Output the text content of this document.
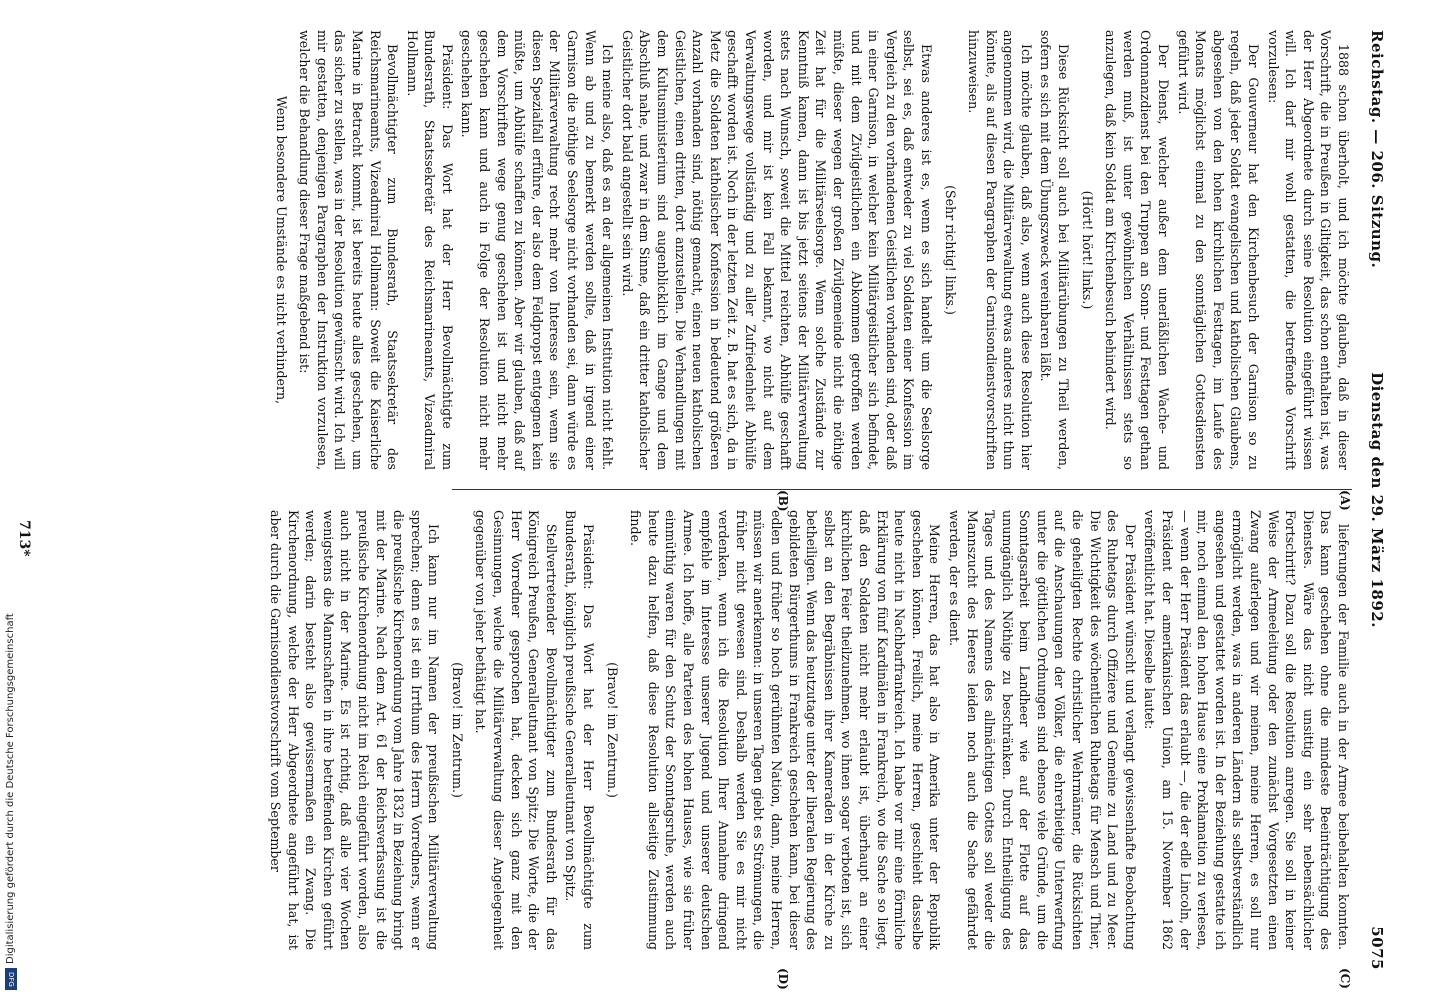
Reichstag. — 206. Sitzung.
Dienstag den 29. März 1892.
5075
(A)
(B)
(C)
(D)

lieferungen der Familie auch in der Armee beibehalten konnten. Das kann geschehen ohne die mindeste Beeinträchtigung des Dienstes. Wäre das nicht unsittig ein sehr nebensächlicher Fortschritt? Dazu soll die Resolution anregen. Sie soll in keiner Weise der Armeeleitung oder den zunächst Vorgesetzten einen Zwang auferlegen und wir meinen, meine Herren, es soll nur ermöglicht werden, was in anderen Ländern als selbstverständlich angesehen und gestattet worden ist. In der Beziehung gestatte ich mir, noch einmal den hohen Hause eine Proklamation zu verlesen, — wenn der Herr Präsident das erlaubt —, die der edle Lincoln, der Präsident der amerikanischen Union, am 15. November 1862 veröffentlicht hat. Dieselbe lautet:

Der Präsident wünscht und verlangt gewissenhafte Beobachtung des Ruhetags durch Offiziere und Gemeine zu Land und zu Meer. Die Wichtigkeit des wöchentlichen Ruhetags für Mensch und Thier, die geheiligten Rechte christlicher Wehrmänner, die Rücksichten auf die Anschauungen der Völker, die ehrerbietige Unterwerfung unter die göttlichen Ordnungen sind ebenso viele Gründe, um die Sonntagsarbeit beim Landheer wie auf der Flotte auf das unumgänglich Nöthige zu beschränken. Durch Entheiligung des Tages und des Namens des allmächtigen Gottes soll weder die Mannszucht des Heeres leiden noch auch die Sache gefährdet werden, der es dient.

Meine Herren, das hat also in Amerika unter der Republik geschehen können. Freilich, meine Herren, geschieht dasselbe heute nicht in Nachbarfrankreich. Ich habe vor mir eine förmliche Erklärung von fünf Kardinälen in Frankreich, wo die Sache so liegt, daß den Soldaten nicht mehr erlaubt ist, überhaupt an einer kirchlichen Feier theilzunehmen, wo ihnen sogar verboten ist, sich selbst an den Begräbnissen ihrer Kameraden in der Kirche zu betheiligen. Wenn das heutzutage unter der liberalen Regierung des gebildeten Bürgerthums in Frankreich geschehen kann, bei dieser edlen und früher so hoch gerühmten Nation, dann, meine Herren, müssen wir anerkennen: in unseren Tagen giebt es Strömungen, die früher nicht gewesen sind. Deshalb werden Sie es mir nicht verdenken, wenn ich die Resolution Ihrer Annahme dringend empfehle im Interesse unserer Jugend und unserer deutschen Armee. Ich hoffe, alle Parteien des hohen Hauses, wie sie früher einmüthig waren für den Schutz der Sonntagsruhe, werden auch heute dazu helfen, daß diese Resolution allseitige Zustimmung finde.

(Bravo! im Zentrum.)

Präsident: Das Wort hat der Herr Bevollmächtigte zum Bundesrath, königlich preußische Generalleutnant von Spitz.

Stellvertretender Bevollmächtigter zum Bundesrath für das Königreich Preußen, Generalleutnant von Spitz: Die Worte, die der Herr Vorredner gesprochen hat, decken sich ganz mit den Gesinnungen, welche die Militärverwaltung dieser Angelegenheit gegenüber von jeher bethätigt hat.

(Bravo! im Zentrum.)

Ich kann nur im Namen der preußischen Militärverwaltung sprechen; denn es ist ein Irrthum des Herrn Vorredners, wenn er die preußische Kirchenordnung vom Jahre 1832 in Beziehung bringt mit der Marine. Nach dem Art. 61 der Reichsverfassung ist die preußische Kirchenordnung nicht im Reich eingeführt worden, also auch nicht in der Marine. Es ist richtig, daß alle vier Wochen wenigstens die Mannschaften in ihre betreffenden Kirchen geführt werden; darin besteht also gewissermaßen ein Zwang. Die Kirchenordnung, welche der Herr Abgeordnete angeführt hat, ist aber durch die Garnisondienstvorschrift vom September

1888 schon überholt, und ich möchte glauben, daß in dieser Vorschrift, die in Preußen in Giltigkeit, das schon enthalten ist, was der Herr Abgeordnete durch seine Resolution eingeführt wissen will. Ich darf mir wohl gestatten, die betreffende Vorschrift vorzulesen:

Der Gouverneur hat den Kirchenbesuch der Garnison so zu regeln, daß jeder Soldat evangelischen und katholischen Glaubens, abgesehen von den hohen kirchlichen Festtagen, im Laufe des Monats möglichst einmal zu den sonntäglichen Gottesdiensten geführt wird.

Der Dienst, welcher außer dem unerläßlichen Wache- und Ordonnanzdienst bei den Truppen an Sonn- und Festtagen gethan werden muß, ist unter gewöhnlichen Verhältnissen stets so anzulegen, daß kein Soldat am Kirchenbesuch behindert wird.

(Hört! hört! links.)

Diese Rücksicht soll auch bei Militärübungen zu Theil werden, sofern es sich mit dem Übungszweck vereinbaren läßt.

Ich möchte glauben, daß also, wenn auch diese Resolution hier angenommen wird, die Militärverwaltung etwas anderes nicht thun könnte, als auf diesen Paragraphen der Garnisondienstvorschriften hinzuweisen.

(Sehr richtig! links.)

Etwas anderes ist es, wenn es sich handelt um die Seelsorge selbst, sei es, daß entweder zu viel Soldaten einer Konfession im Vergleich zu den vorhandenen Geistlichen vorhanden sind, oder daß in einer Garnison, in welcher kein Militärgeistlicher sich befindet, und mit dem Zivilgeistlichen ein Abkommen getroffen werden müßte, dieser wegen der großen Zivilgemeinde nicht die nöthige Zeit hat für die Militärseelsorge. Wenn solche Zustände zur Kenntniß kamen, dann ist bis jetzt seitens der Militärverwaltung stets nach Wunsch, soweit die Mittel reichten, Abhülfe geschafft worden, und mir ist kein Fall bekannt, wo nicht auf dem Verwaltungswege vollständig und zu aller Zufriedenheit Abhülfe geschafft worden ist. Noch in der letzten Zeit z. B. hat es sich, da in Metz die Soldaten katholischer Konfession in bedeutend größeren Anzahl vorhanden sind, nöthig gemacht, einen neuen katholischen Geistlichen, einen dritten, dort anzustellen. Die Verhandlungen mit dem Kultusministerium sind augenblicklich im Gange und dem Abschluß nahe, und zwar in dem Sinne, daß ein dritter katholischer Geistlicher dort bald angestellt sein wird.

Ich meine also, daß es an der allgemeinen Institution nicht fehlt. Wenn ab und zu bemerkt werden sollte, daß in irgend einer Garnison die nöthige Seelsorge nicht vorhanden sei, dann würde es der Militärverwaltung recht mehr von Interesse sein, wenn sie diesen Spezialfall erführe, der also dem Feldpropst entgegnen kein müßte, um Abhülfe schaffen zu können. Aber wir glauben, daß auf dem Vorschriften wege genug geschehen ist und nicht mehr geschehen kann und auch in Folge der Resolution nicht mehr geschehen kann.

Präsident: Das Wort hat der Herr Bevollmächtigte zum Bundesrath, Staatssekretär des Reichsmarineamts, Vizeadmiral Hollmann.

Bevollmächtigter zum Bundesrath, Staatssekretär des Reichsmarineamts, Vizeadmiral Hollmann: Soweit die Kaiserliche Marine in Betracht kommt, ist bereits heute alles geschehen, um das sicher zu stellen, was in der Resolution gewünscht wird. Ich will mir gestatten, denjenigen Paragraphen der Instruktion vorzulesen, welcher die Behandlung dieser Frage maßgebend ist:

Wenn besondere Umstände es nicht verhindern,

713*
Digitalisierung gefördert durch die Deutsche Forschungsgemeinschaft
DFG
